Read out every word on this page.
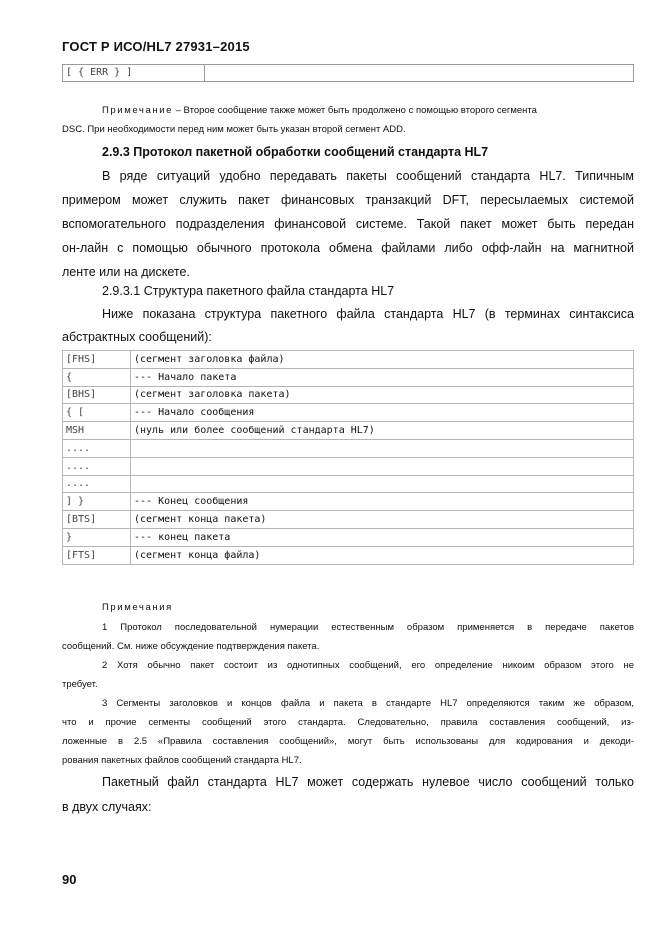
ГОСТ Р ИСО/HL7 27931–2015
[ { ERR } ]
Примечание – Второе сообщение также может быть продолжено с помощью второго сегмента
DSC. При необходимости перед ним может быть указан второй сегмент ADD.
2.9.3 Протокол пакетной обработки сообщений стандарта HL7
В ряде ситуаций удобно передавать пакеты сообщений стандарта HL7. Типичным
примером может служить пакет финансовых транзакций DFT, пересылаемых системой
вспомогательного подразделения финансовой системе. Такой пакет может быть передан
он-лайн с помощью обычного протокола обмена файлами либо офф-лайн на магнитной
ленте или на дискете.
2.9.3.1 Структура пакетного файла стандарта HL7
Ниже показана структура пакетного файла стандарта HL7 (в терминах синтаксиса
абстрактных сообщений):
[FHS]	(сегмент заголовка файла)
{	--- Начало пакета
[BHS]	(сегмент заголовка пакета)
{ [	--- Начало сообщения
MSH	(нуль или более сообщений стандарта HL7)
....	
....	
....	
] }	--- Конец сообщения
[BTS]	(сегмент конца пакета)
}	--- конец пакета
[FTS]	(сегмент конца файла)
Примечания
1 Протокол последовательной нумерации естественным образом применяется в передаче пакетов
сообщений. См. ниже обсуждение подтверждения пакета.
2 Хотя обычно пакет состоит из однотипных сообщений, его определение никоим образом этого не
требует.
3 Сегменты заголовков и концов файла и пакета в стандарте HL7 определяются таким же образом,
что и прочие сегменты сообщений этого стандарта. Следовательно, правила составления сообщений, из-
ложенные в 2.5 «Правила составления сообщений», могут быть использованы для кодирования и декоди-
рования пакетных файлов сообщений стандарта HL7.
Пакетный файл стандарта HL7 может содержать нулевое число сообщений только
в двух случаях:
90
